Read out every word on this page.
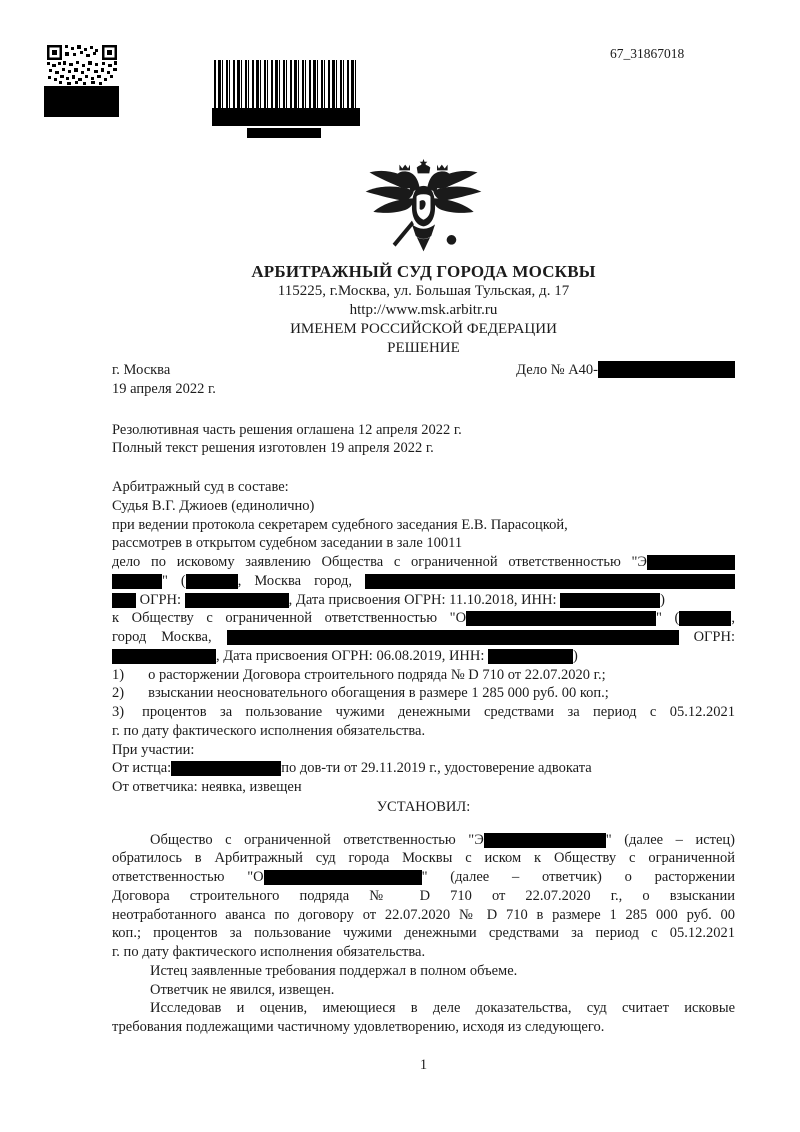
67_31867018
АРБИТРАЖНЫЙ СУД ГОРОДА МОСКВЫ
115225, г.Москва, ул. Большая Тульская, д. 17
http://www.msk.arbitr.ru
ИМЕНЕМ РОССИЙСКОЙ ФЕДЕРАЦИИ
РЕШЕНИЕ
г. Москва	Дело № А40-
19 апреля 2022 г.
Резолютивная часть решения оглашена 12 апреля 2022 г.
Полный текст решения изготовлен 19 апреля 2022 г.
Арбитражный суд в составе:
Судья В.Г. Джиоев (единолично)
при ведении протокола секретарем судебного заседания Е.В. Парасоцкой,
рассмотрев в открытом судебном заседании в зале 10011
дело по исковому заявлению Общества с ограниченной ответственностью "Э
" (	, Москва город,
ОГРН:	, Дата присвоения ОГРН: 11.10.2018, ИНН:	)
к Обществу с ограниченной ответственностью "О	" (	,
город Москва,	ОГРН:
, Дата присвоения ОГРН: 06.08.2019, ИНН:	)
1) о расторжении Договора строительного подряда № D 710 от 22.07.2020 г.;
2) взыскании неосновательного обогащения в размере 1 285 000 руб. 00 коп.;
3) процентов за пользование чужими денежными средствами за период с 05.12.2021
г. по дату фактического исполнения обязательства.
При участии:
От истца:	по дов-ти от 29.11.2019 г., удостоверение адвоката
От ответчика: неявка, извещен
УСТАНОВИЛ:
Общество с ограниченной ответственностью "Э	" (далее – истец)
обратилось в Арбитражный суд города Москвы с иском к Обществу с ограниченной
ответственностью "О	" (далее – ответчик) о расторжении
Договора строительного подряда № D 710 от 22.07.2020 г., о взыскании
неотработанного аванса по договору от 22.07.2020 № D 710 в размере 1 285 000 руб. 00
коп.; процентов за пользование чужими денежными средствами за период с 05.12.2021
г. по дату фактического исполнения обязательства.
Истец заявленные требования поддержал в полном объеме.
Ответчик не явился, извещен.
Исследовав и оценив, имеющиеся в деле доказательства, суд считает исковые
требования подлежащими частичному удовлетворению, исходя из следующего.
1
